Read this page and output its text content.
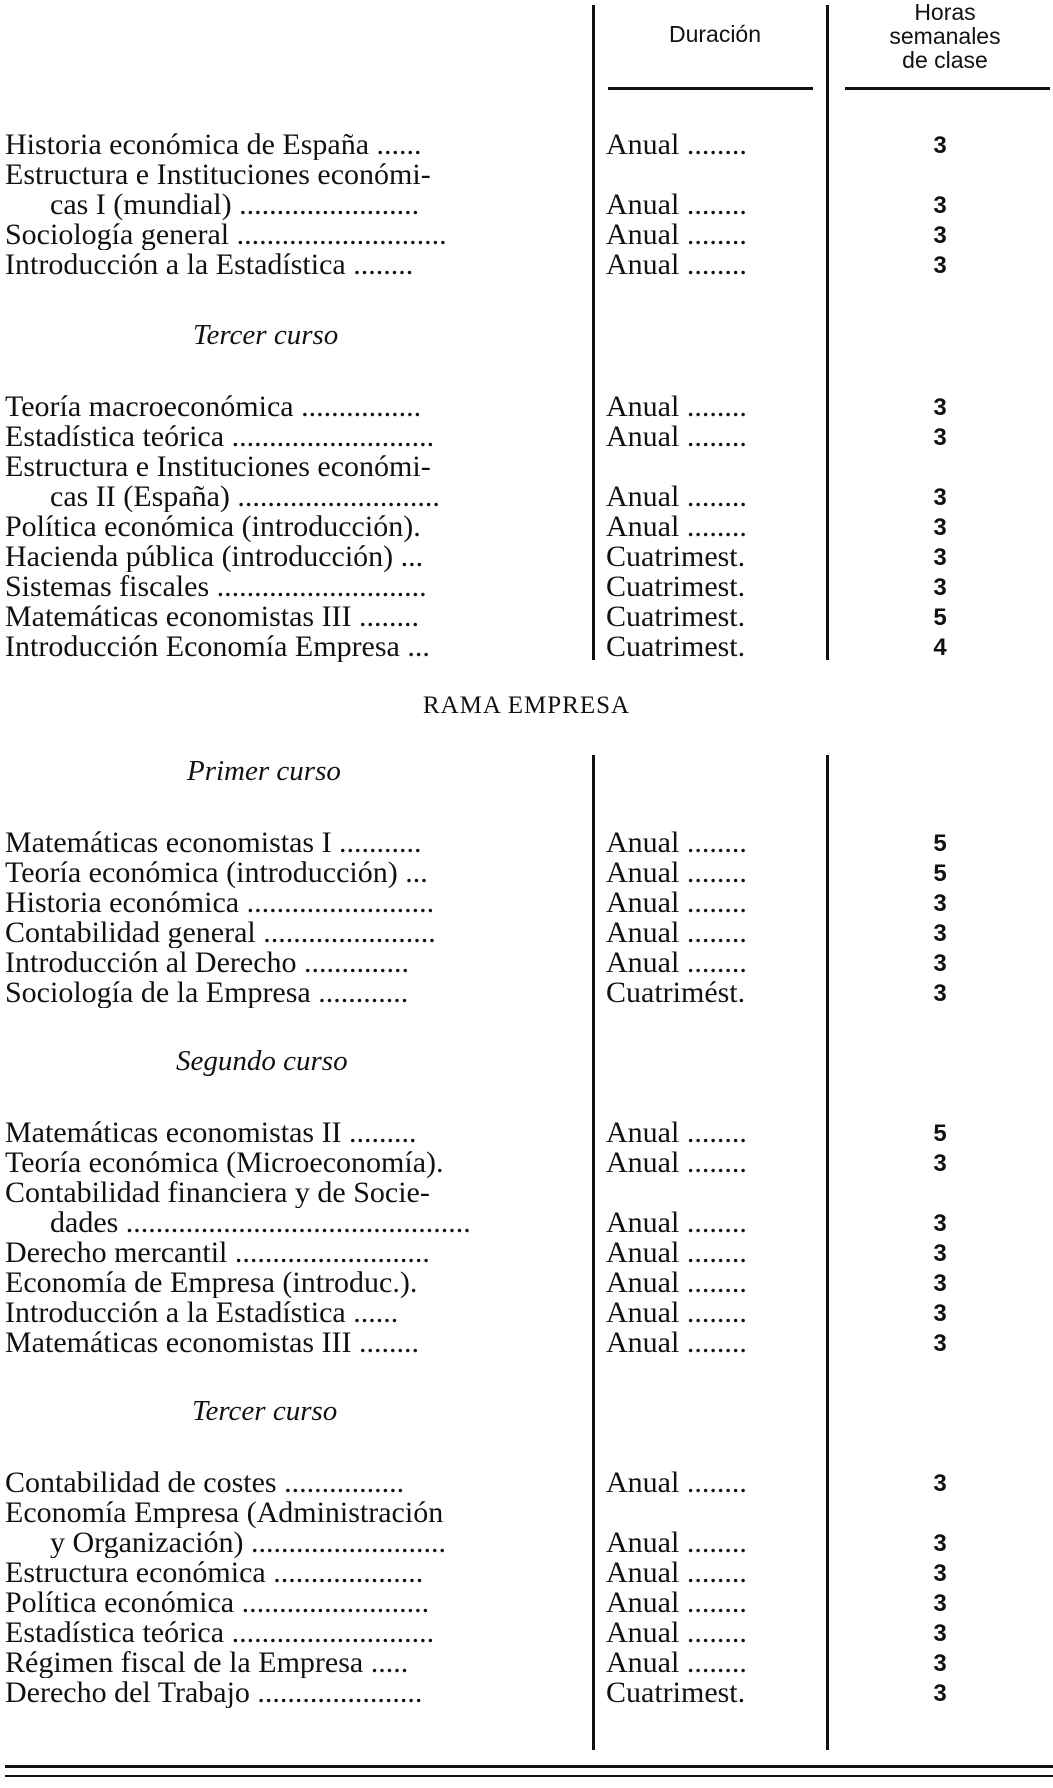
Duración
Horas
semanales
de clase
Historia económica de España ......	Anual ........	3
Estructura e Instituciones económi-
cas I (mundial) ........................	Anual ........	3
Sociología general ............................	Anual ........	3
Introducción a la Estadística ........	Anual ........	3
Tercer curso
Teoría macroeconómica ................	Anual ........	3
Estadística teórica ...........................	Anual ........	3
Estructura e Instituciones económi-
cas II (España) ...........................	Anual ........	3
Política económica (introducción).	Anual ........	3
Hacienda pública (introducción) ...	Cuatrimest.	3
Sistemas fiscales ............................	Cuatrimest.	3
Matemáticas economistas III ........	Cuatrimest.	5
Introducción Economía Empresa ...	Cuatrimest.	4
RAMA EMPRESA
Primer curso
Matemáticas economistas I ...........	Anual ........	5
Teoría económica (introducción) ...	Anual ........	5
Historia económica .........................	Anual ........	3
Contabilidad general .......................	Anual ........	3
Introducción al Derecho ..............	Anual ........	3
Sociología de la Empresa ............	Cuatrimést.	3
Segundo curso
Matemáticas economistas II .........	Anual ........	5
Teoría económica (Microeconomía).	Anual ........	3
Contabilidad financiera y de Socie-
dades ..............................................	Anual ........	3
Derecho mercantil ..........................	Anual ........	3
Economía de Empresa (introduc.).	Anual ........	3
Introducción a la Estadística ......	Anual ........	3
Matemáticas economistas III ........	Anual ........	3
Tercer curso
Contabilidad de costes ................	Anual ........	3
Economía Empresa (Administración
y Organización) ..........................	Anual ........	3
Estructura económica ....................	Anual ........	3
Política económica .........................	Anual ........	3
Estadística teórica ...........................	Anual ........	3
Régimen fiscal de la Empresa .....	Anual ........	3
Derecho del Trabajo ......................	Cuatrimest.	3
